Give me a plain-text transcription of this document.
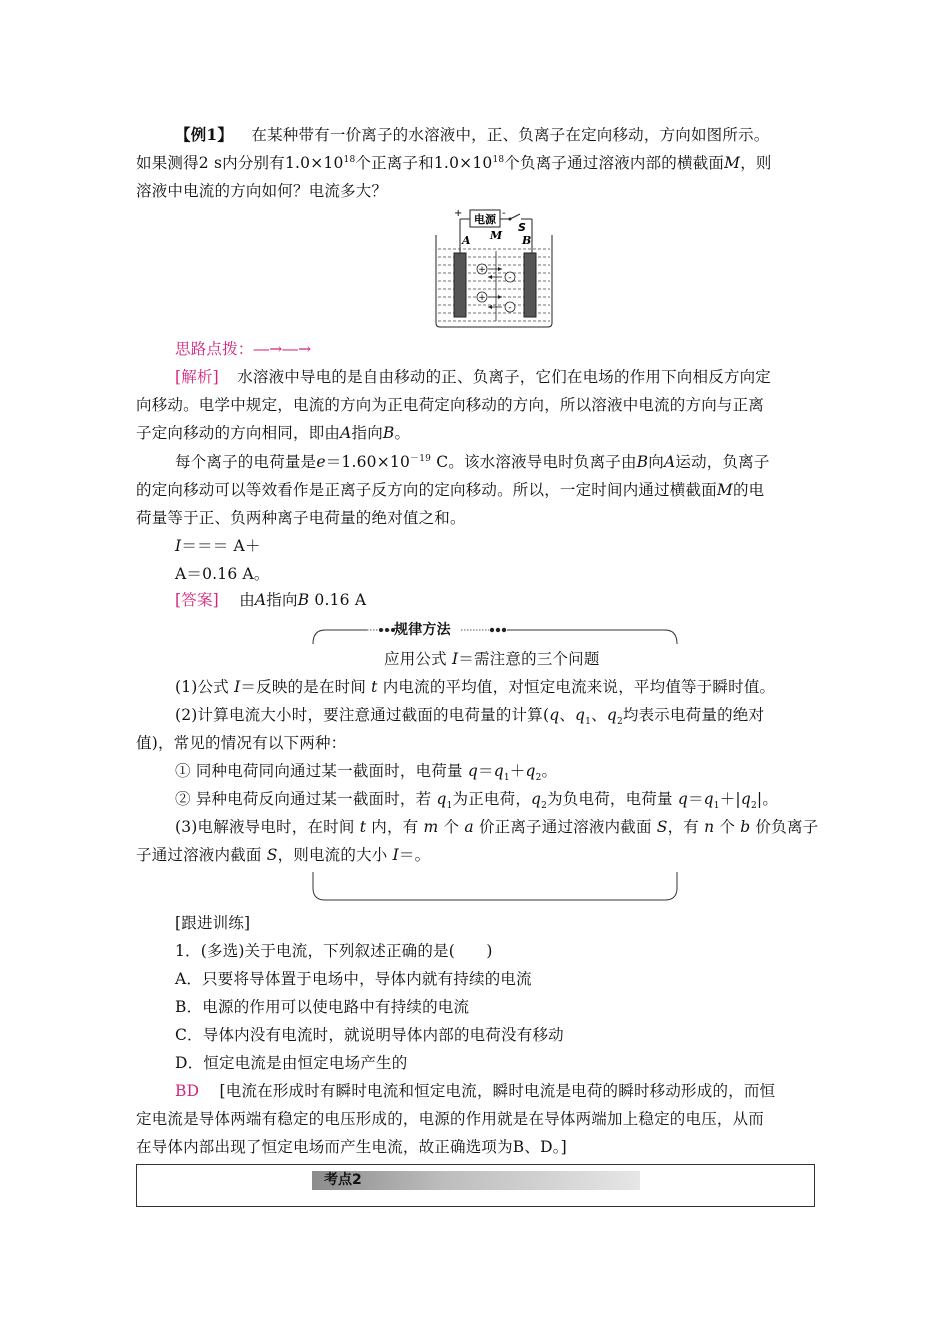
【例1】 在某种带有一价离子的水溶液中，正、负离子在定向移动，方向如图所示。
如果测得2 s内分别有$1.0\times 10^{18}$个正离子和$1.0\times 10^{18}$个负离子通过溶液内部的横截面M，则
溶液中电流的方向如何？电流多大？
电源
+	-
S
A M B
+
-
+
-
思路点拨：―→―→
[解析] 水溶液中导电的是自由移动的正、负离子，它们在电场的作用下向相反方向定
向移动。电学中规定，电流的方向为正电荷定向移动的方向，所以溶液中电流的方向与正离
子定向移动的方向相同，即由A指向B。
每个离子的电荷量是$e=1.60\times 10^{-19}$ C。该水溶液导电时负离子由B向A运动，负离子
的定向移动可以等效看作是正离子反方向的定向移动。所以，一定时间内通过横截面M的电
荷量等于正、负两种离子电荷量的绝对值之和。
I＝＝＝ A＋
A＝0.16 A。
[答案] 由A指向B 0.16 A
规律方法
应用公式 I＝需注意的三个问题
(1)公式 I＝反映的是在时间 t 内电流的平均值，对恒定电流来说，平均值等于瞬时值。
(2)计算电流大小时，要注意通过截面的电荷量的计算(q、$q_1$、$q_2$均表示电荷量的绝对
值)，常见的情况有以下两种：
① 同种电荷同向通过某一截面时，电荷量 $q=q_1+q_2$。
② 异种电荷反向通过某一截面时，若 $q_1$为正电荷，$q_2$为负电荷，电荷量 $q=q_1+|q_2|$。
(3)电解液导电时，在时间 t 内，有 m 个 a 价正离子通过溶液内截面 S，有 n 个 b 价负离子
子通过溶液内截面 S，则电流的大小 I＝。
[跟进训练]
1．(多选)关于电流，下列叙述正确的是(　　)
A．只要将导体置于电场中，导体内就有持续的电流
B．电源的作用可以使电路中有持续的电流
C．导体内没有电流时，就说明导体内部的电荷没有移动
D．恒定电流是由恒定电场产生的
BD [电流在形成时有瞬时电流和恒定电流，瞬时电流是电荷的瞬时移动形成的，而恒
定电流是导体两端有稳定的电压形成的，电源的作用就是在导体两端加上稳定的电压，从而
在导体内部出现了恒定电场而产生电流，故正确选项为B、D。]
考点2
